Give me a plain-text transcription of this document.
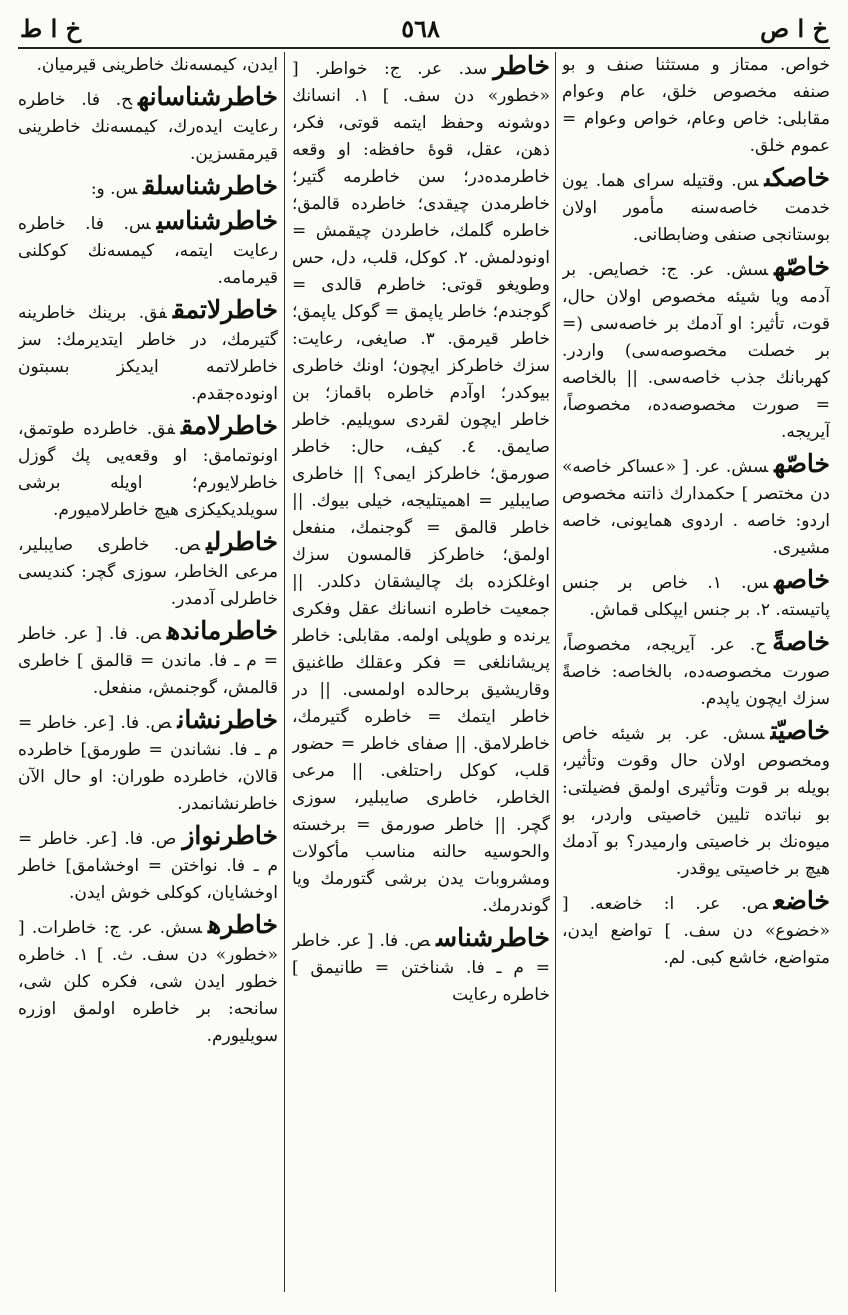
خ ا ص
٥٦٨
خ ا ط
خواص. ممتاز و مستثنا صنف و بو صنفه مخصوص خلق، عام وعوام مقابلی: خاص وعام، خواص وعوام = عموم خلق.
خاصكىس. وقتیله سرای هما. یون خدمت خاصه‌سنه مأمور اولان بوستانجی صنفی وضابطانی.
خاصّهسش. عر. ج: خصایص. بر آدمه ویا شیئه مخصوص اولان حال، قوت، تأثیر: او آدمك بر خاصه‌سی (= بر خصلت مخصوصه‌سی) واردر. كهربانك جذب خاصه‌سی. || بالخاصه = صورت مخصوصه‌ده، مخصوصاً، آیریجه.
خاصّهسش. عر. [ «عساكر خاصه» دن مختصر ] حكمدارك ذاتنه مخصوص اردو: خاصه . اردوی همایونی، خاصه مشیری.
خاصهس. ١. خاص بر جنس پاتیسته. ٢. بر جنس ایپكلی قماش.
خاصةًح. عر. آیریجه، مخصوصاً، صورت مخصوصه‌ده، بالخاصه: خاصةً سزك ایچون یاپدم.
خاصیّتسش. عر. بر شیئه خاص ومخصوص اولان حال وقوت وتأثیر، بویله بر قوت وتأثیری اولمق فضیلتی: بو نباتده تلیین خاصیتی واردر، بو میوه‌نك بر خاصیتی وارمیدر؟ بو آدمك هیچ بر خاصیتی یوقدر.
خاضعص. عر. ا: خاضعه. [ «خضوع» دن سف. ] تواضع ایدن، متواضع، خاشع كبی. لم.
خاطرسد. عر. ج: خواطر. [ «خطور» دن سف. ] ١. انسانك دوشونه وحفظ ایتمه قوتی، فكر، ذهن، عقل، قوهٔ حافظه: او وقعه خاطرمده‌در؛ سن خاطرمه گتیر؛ خاطرمدن چیقدی؛ خاطرده قالمق؛ خاطره گلمك، خاطردن چیقمش = اونودلمش. ٢. كوكل، قلب، دل، حس وطویغو قوتی: خاطرم قالدی = گوجندم؛ خاطر یاپمق = گوكل یاپمق؛ خاطر قیرمق. ٣. صایغی، رعایت: سزك خاطركز ایچون؛ اونك خاطری بیوكدر؛ اوآدم خاطره باقماز؛ بن خاطر ایچون لقردی سویلیم. خاطر صایمق. ٤. كیف، حال: خاطر صورمق؛ خاطركز ایمی؟ || خاطری صایبلیر = اهمیتلیجه، خیلی بیوك. || خاطر قالمق = گوجنمك، منفعل اولمق؛ خاطركز قالمسون سزك اوغلكزده بك چالیشقان دكلدر. || جمعیت خاطره انسانك عقل وفكری یرنده و طوپلی اولمه. مقابلی: خاطر پریشانلغی = فكر وعقلك طاغنیق وقاریشیق برحالده اولمسی. || در خاطر ایتمك = خاطره گتیرمك، خاطرلامق. || صفای خاطر = حضور قلب، كوكل راحتلغی. || مرعی الخاطر، خاطری صایبلیر، سوزی گچر. || خاطر صورمق = برخسته والحوسیه حالنه مناسب مأكولات ومشروبات یدن برشی گتورمك ویا گوندرمك.
خاطرشناسص. فا. [ عر. خاطر = م ـ فا. شناختن = طانیمق ] خاطره رعایت
ایدن، كیمسه‌نك خاطرینی قیرمیان.
خاطرشناسانهح. فا. خاطره رعایت ایده‌رك، كیمسه‌نك خاطرینی قیرمقسزین.
خاطرشناسلقس. و:
خاطرشناسیس. فا. خاطره رعایت ایتمه، كیمسه‌نك كوكلنی قیرمامه.
خاطرلاتمقفق. برینك خاطرینه گتیرمك، در خاطر ایتدیرمك: سز خاطرلاتمه ایدیكز بسبتون اونوده‌جقدم.
خاطرلامقفق. خاطرده طوتمق، اونوتمامق: او وقعه‌یی پك گوزل خاطرلایورم؛ اویله برشی سویلدیكیكزی هیچ خاطرلامیورم.
خاطرلیص. خاطری صایبلیر، مرعی الخاطر، سوزی گچر: كندیسی خاطرلی آدمدر.
خاطرماندهص. فا. [ عر. خاطر = م ـ فا. ماندن = قالمق ] خاطری قالمش، گوجنمش، منفعل.
خاطرنشانص. فا. [عر. خاطر = م ـ فا. نشاندن = طورمق] خاطرده قالان، خاطرده طوران: او حال الآن خاطرنشانمدر.
خاطرنوازص. فا. [عر. خاطر = م ـ فا. نواختن = اوخشامق] خاطر اوخشایان، كوكلی خوش ایدن.
خاطرهسش. عر. ج: خاطرات. [ «خطور» دن سف. ث. ] ١. خاطره خطور ایدن شی، فكره كلن شی، سانحه: بر خاطره اولمق اوزره سویلیورم.
